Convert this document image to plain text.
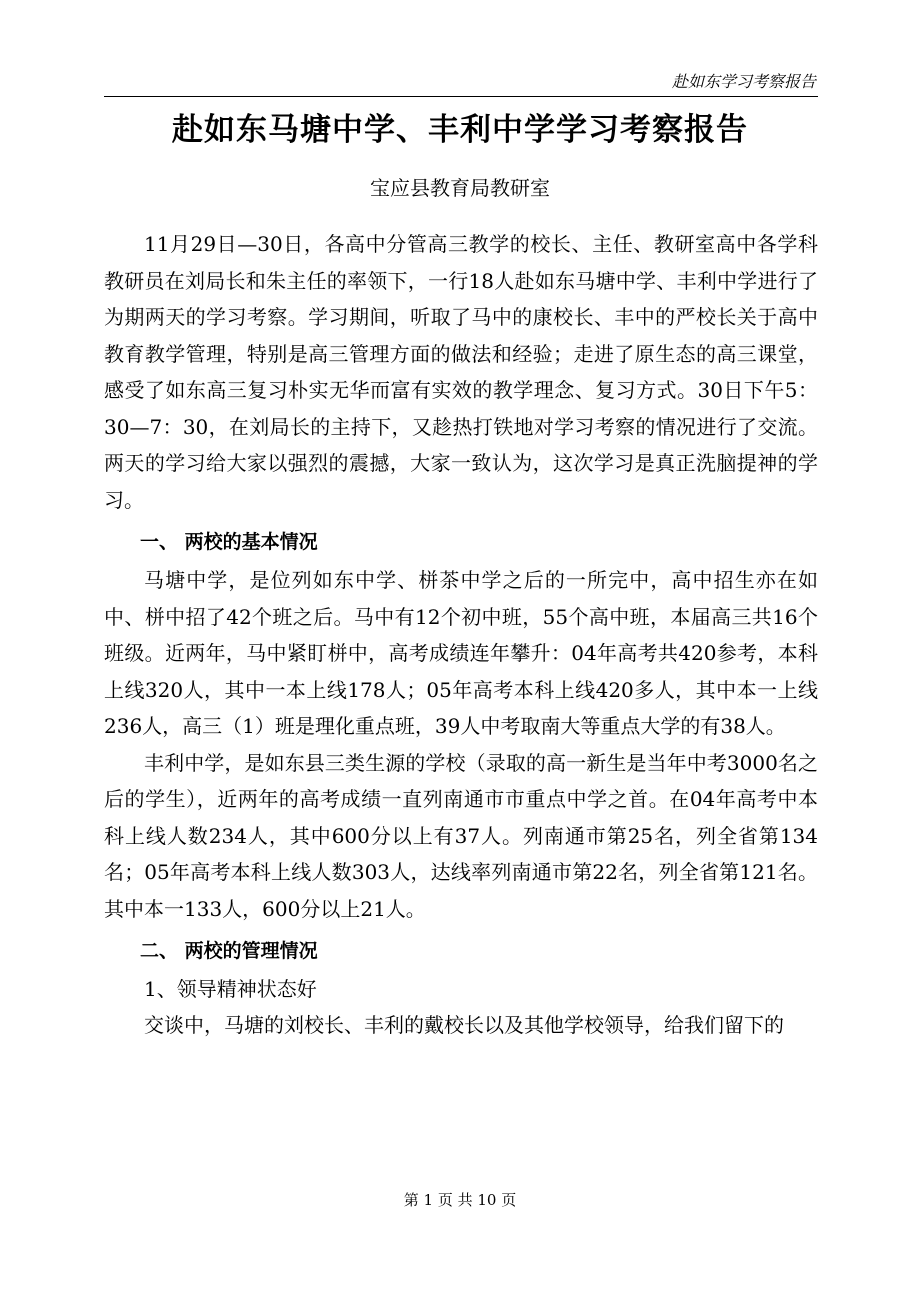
赴如东学习考察报告
赴如东马塘中学、丰利中学学习考察报告
宝应县教育局教研室

11月29日—30日，各高中分管高三教学的校长、主任、教研室高中各学科教研员在刘局长和朱主任的率领下，一行18人赴如东马塘中学、丰利中学进行了为期两天的学习考察。学习期间，听取了马中的康校长、丰中的严校长关于高中教育教学管理，特别是高三管理方面的做法和经验；走进了原生态的高三课堂，感受了如东高三复习朴实无华而富有实效的教学理念、复习方式。30日下午5：30—7：30，在刘局长的主持下，又趁热打铁地对学习考察的情况进行了交流。两天的学习给大家以强烈的震撼，大家一致认为，这次学习是真正洗脑提神的学习。

一、 两校的基本情况

马塘中学，是位列如东中学、栟茶中学之后的一所完中，高中招生亦在如中、栟中招了42个班之后。马中有12个初中班，55个高中班，本届高三共16个班级。近两年，马中紧盯栟中，高考成绩连年攀升：04年高考共420参考，本科上线320人，其中一本上线178人；05年高考本科上线420多人，其中本一上线236人，高三（1）班是理化重点班，39人中考取南大等重点大学的有38人。

丰利中学，是如东县三类生源的学校（录取的高一新生是当年中考3000名之后的学生），近两年的高考成绩一直列南通市市重点中学之首。在04年高考中本科上线人数234人，其中600分以上有37人。列南通市第25名，列全省第134名；05年高考本科上线人数303人，达线率列南通市第22名，列全省第121名。其中本一133人，600分以上21人。

二、 两校的管理情况
1、领导精神状态好

交谈中，马塘的刘校长、丰利的戴校长以及其他学校领导，给我们留下的

第 1 页 共 10 页
